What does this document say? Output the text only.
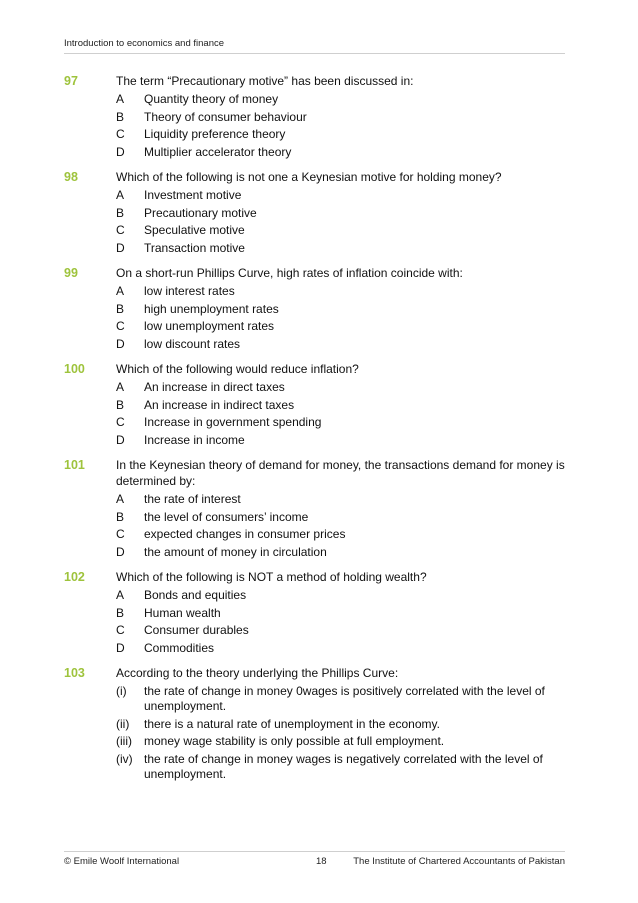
Introduction to economics and finance
97	The term “Precautionary motive” has been discussed in:
A Quantity theory of money
B Theory of consumer behaviour
C Liquidity preference theory
D Multiplier accelerator theory
98	Which of the following is not one a Keynesian motive for holding money?
A Investment motive
B Precautionary motive
C Speculative motive
D Transaction motive
99	On a short-run Phillips Curve, high rates of inflation coincide with:
A low interest rates
B high unemployment rates
C low unemployment rates
D low discount rates
100	Which of the following would reduce inflation?
A An increase in direct taxes
B An increase in indirect taxes
C Increase in government spending
D Increase in income
101	In the Keynesian theory of demand for money, the transactions demand for money is determined by:
A the rate of interest
B the level of consumers’ income
C expected changes in consumer prices
D the amount of money in circulation
102	Which of the following is NOT a method of holding wealth?
A Bonds and equities
B Human wealth
C Consumer durables
D Commodities
103	According to the theory underlying the Phillips Curve:
(i) the rate of change in money 0wages is positively correlated with the level of unemployment.
(ii) there is a natural rate of unemployment in the economy.
(iii) money wage stability is only possible at full employment.
(iv) the rate of change in money wages is negatively correlated with the level of unemployment.
© Emile Woolf International	18	The Institute of Chartered Accountants of Pakistan
